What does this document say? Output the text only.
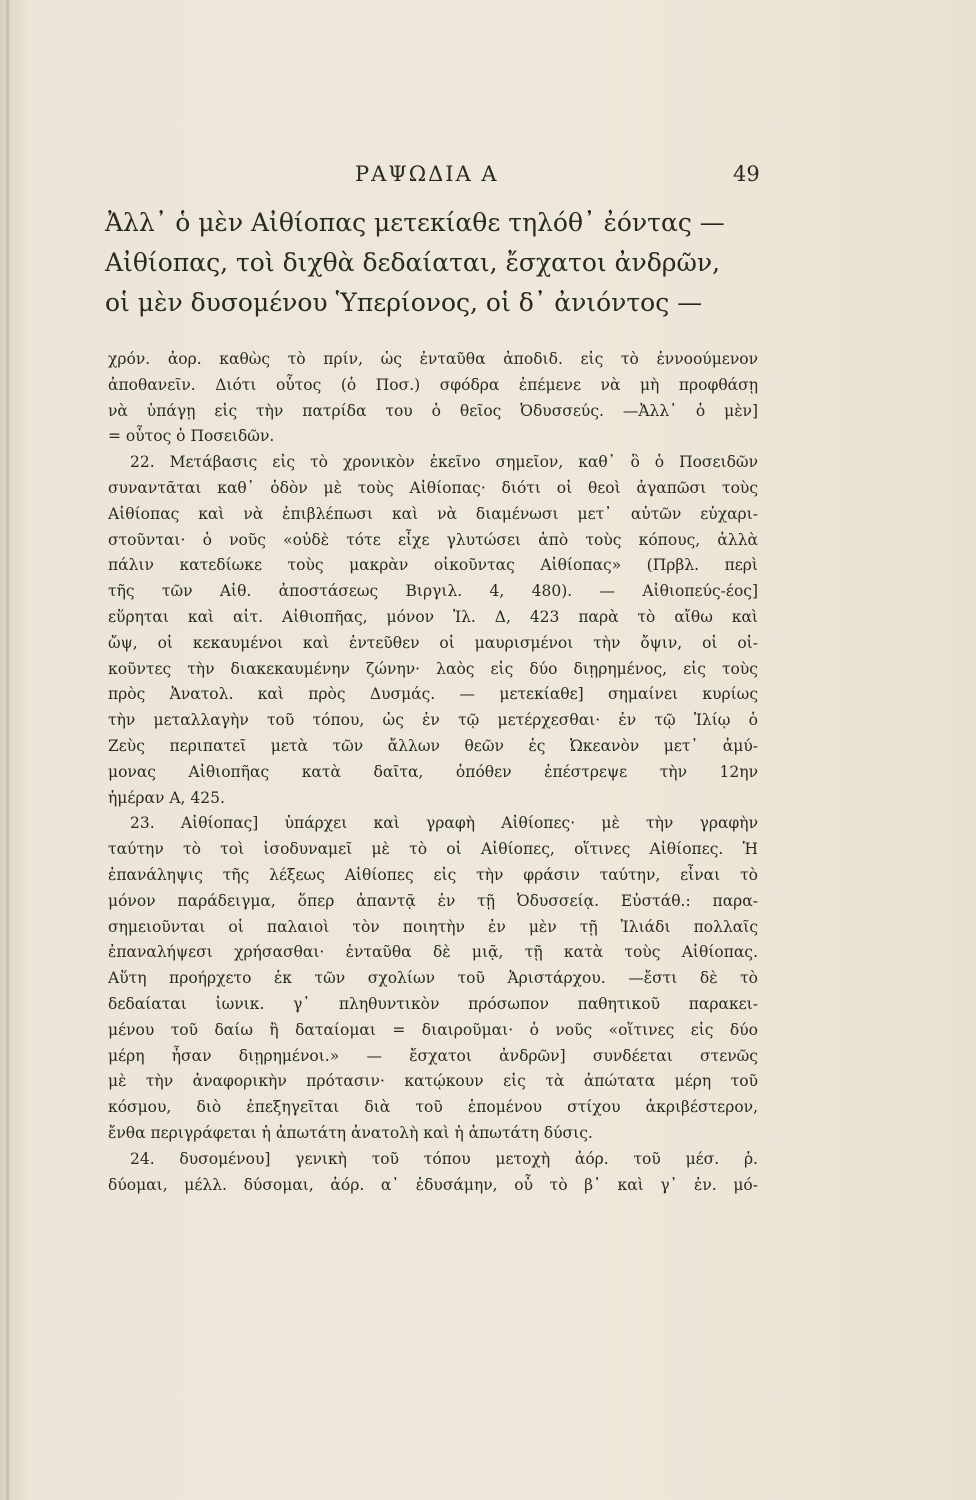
ΡΑΨΩΔΙΑ Α	49
Ἀλλ᾽ ὁ μὲν Αἰθίοπας μετεκίαθε τηλόθ᾽ ἐόντας —
Αἰθίοπας, τοὶ διχθὰ δεδαίαται, ἔσχατοι ἀνδρῶν,
οἱ μὲν δυσομένου Ὑπερίονος, οἱ δ᾽ ἀνιόντος —
χρόν. ἀορ. καθὼς τὸ πρίν, ὡς ἐνταῦθα ἀποδιδ. εἰς τὸ ἐννοούμενον
ἀποθανεῖν. Διότι οὗτος (ὁ Ποσ.) σφόδρα ἐπέμενε νὰ μὴ προφθάσῃ
νὰ ὑπάγῃ εἰς τὴν πατρίδα του ὁ θεῖος Ὀδυσσεύς. —Ἀλλ᾽ ὁ μὲν]
= οὗτος ὁ Ποσειδῶν.
22. Μετάβασις εἰς τὸ χρονικὸν ἐκεῖνο σημεῖον, καθ᾽ ὃ ὁ Ποσειδῶν
συναντᾶται καθ᾽ ὁδὸν μὲ τοὺς Αἰθίοπας· διότι οἱ θεοὶ ἀγαπῶσι τοὺς
Αἰθίοπας καὶ νὰ ἐπιβλέπωσι καὶ νὰ διαμένωσι μετ᾽ αὐτῶν εὐχαρι-
στοῦνται· ὁ νοῦς «οὐδὲ τότε εἶχε γλυτώσει ἀπὸ τοὺς κόπους, ἀλλὰ
πάλιν κατεδίωκε τοὺς μακρὰν οἰκοῦντας Αἰθίοπας» (Πρβλ. περὶ
τῆς τῶν Αἰθ. ἀποστάσεως Βιργιλ. 4, 480). — Αἰθιοπεύς-έος]
εὕρηται καὶ αἰτ. Αἰθιοπῆας, μόνον Ἰλ. Δ, 423 παρὰ τὸ αἴθω καὶ
ὤψ, οἱ κεκαυμένοι καὶ ἐντεῦθεν οἱ μαυρισμένοι τὴν ὄψιν, οἱ οἰ-
κοῦντες τὴν διακεκαυμένην ζώνην· λαὸς εἰς δύο διῃρημένος, εἰς τοὺς
πρὸς Ἀνατολ. καὶ πρὸς Δυσμάς. — μετεκίαθε] σημαίνει κυρίως
τὴν μεταλλαγὴν τοῦ τόπου, ὡς ἐν τῷ μετέρχεσθαι· ἐν τῷ Ἰλίῳ ὁ
Ζεὺς περιπατεῖ μετὰ τῶν ἄλλων θεῶν ἐς Ὠκεανὸν μετ᾽ ἀμύ-
μονας Αἰθιοπῆας κατὰ δαῖτα, ὁπόθεν ἐπέστρεψε τὴν 12ην
ἡμέραν Α, 425.
23. Αἰθίοπας] ὑπάρχει καὶ γραφὴ Αἰθίοπες· μὲ τὴν γραφὴν
ταύτην τὸ τοὶ ἰσοδυναμεῖ μὲ τὸ οἱ Αἰθίοπες, οἵτινες Αἰθίοπες. Ἡ
ἐπανάληψις τῆς λέξεως Αἰθίοπες εἰς τὴν φράσιν ταύτην, εἶναι τὸ
μόνον παράδειγμα, ὅπερ ἀπαντᾷ ἐν τῇ Ὀδυσσείᾳ. Εὐστάθ.: παρα-
σημειοῦνται οἱ παλαιοὶ τὸν ποιητὴν ἐν μὲν τῇ Ἰλιάδι πολλαῖς
ἐπαναλήψεσι χρήσασθαι· ἐνταῦθα δὲ μιᾷ, τῇ κατὰ τοὺς Αἰθίοπας.
Αὕτη προήρχετο ἐκ τῶν σχολίων τοῦ Ἀριστάρχου. —ἔστι δὲ τὸ
δεδαίαται ἰωνικ. γ᾽ πληθυντικὸν πρόσωπον παθητικοῦ παρακει-
μένου τοῦ δαίω ἢ δαταίομαι = διαιροῦμαι· ὁ νοῦς «οἵτινες εἰς δύο
μέρη ἦσαν διῃρημένοι.» — ἔσχατοι ἀνδρῶν] συνδέεται στενῶς
μὲ τὴν ἀναφορικὴν πρότασιν· κατῴκουν εἰς τὰ ἀπώτατα μέρη τοῦ
κόσμου, διὸ ἐπεξηγεῖται διὰ τοῦ ἑπομένου στίχου ἀκριβέστερον,
ἔνθα περιγράφεται ἡ ἀπωτάτη ἀνατολὴ καὶ ἡ ἀπωτάτη δύσις.
24. δυσομένου] γενικὴ τοῦ τόπου μετοχὴ ἀόρ. τοῦ μέσ. ῥ.
δύομαι, μέλλ. δύσομαι, ἀόρ. α᾽ ἐδυσάμην, οὗ τὸ β᾽ καὶ γ᾽ ἐν. μό-
